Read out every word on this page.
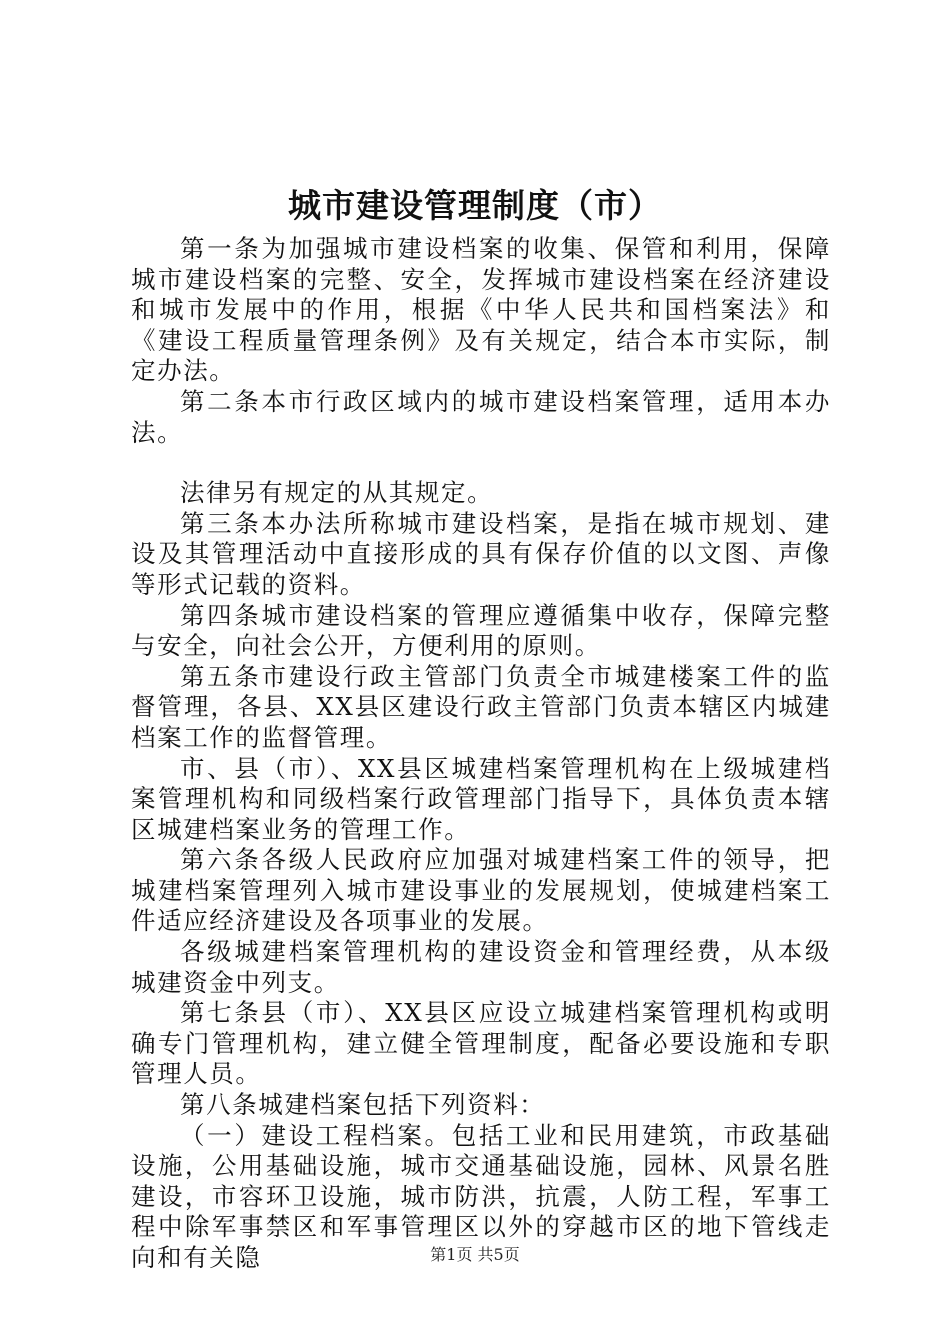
城市建设管理制度（市）

第一条为加强城市建设档案的收集、保管和利用，保障城市建设档案的完整、安全，发挥城市建设档案在经济建设和城市发展中的作用，根据《中华人民共和国档案法》和《建设工程质量管理条例》及有关规定，结合本市实际，制定办法。

第二条本市行政区域内的城市建设档案管理，适用本办法。

法律另有规定的从其规定。

第三条本办法所称城市建设档案，是指在城市规划、建设及其管理活动中直接形成的具有保存价值的以文图、声像等形式记载的资料。

第四条城市建设档案的管理应遵循集中收存，保障完整与安全，向社会公开，方便利用的原则。

第五条市建设行政主管部门负责全市城建楼案工件的监督管理，各县、XX县区建设行政主管部门负责本辖区内城建档案工作的监督管理。

市、县（市）、XX县区城建档案管理机构在上级城建档案管理机构和同级档案行政管理部门指导下，具体负责本辖区城建档案业务的管理工作。

第六条各级人民政府应加强对城建档案工件的领导，把城建档案管理列入城市建设事业的发展规划，使城建档案工件适应经济建设及各项事业的发展。

各级城建档案管理机构的建设资金和管理经费，从本级城建资金中列支。

第七条县（市）、XX县区应设立城建档案管理机构或明确专门管理机构，建立健全管理制度，配备必要设施和专职管理人员。

第八条城建档案包括下列资料：

（一）建设工程档案。包括工业和民用建筑，市政基础设施，公用基础设施，城市交通基础设施，园林、风景名胜建设，市容环卫设施，城市防洪，抗震，人防工程，军事工程中除军事禁区和军事管理区以外的穿越市区的地下管线走向和有关隐	第1页 共5页
